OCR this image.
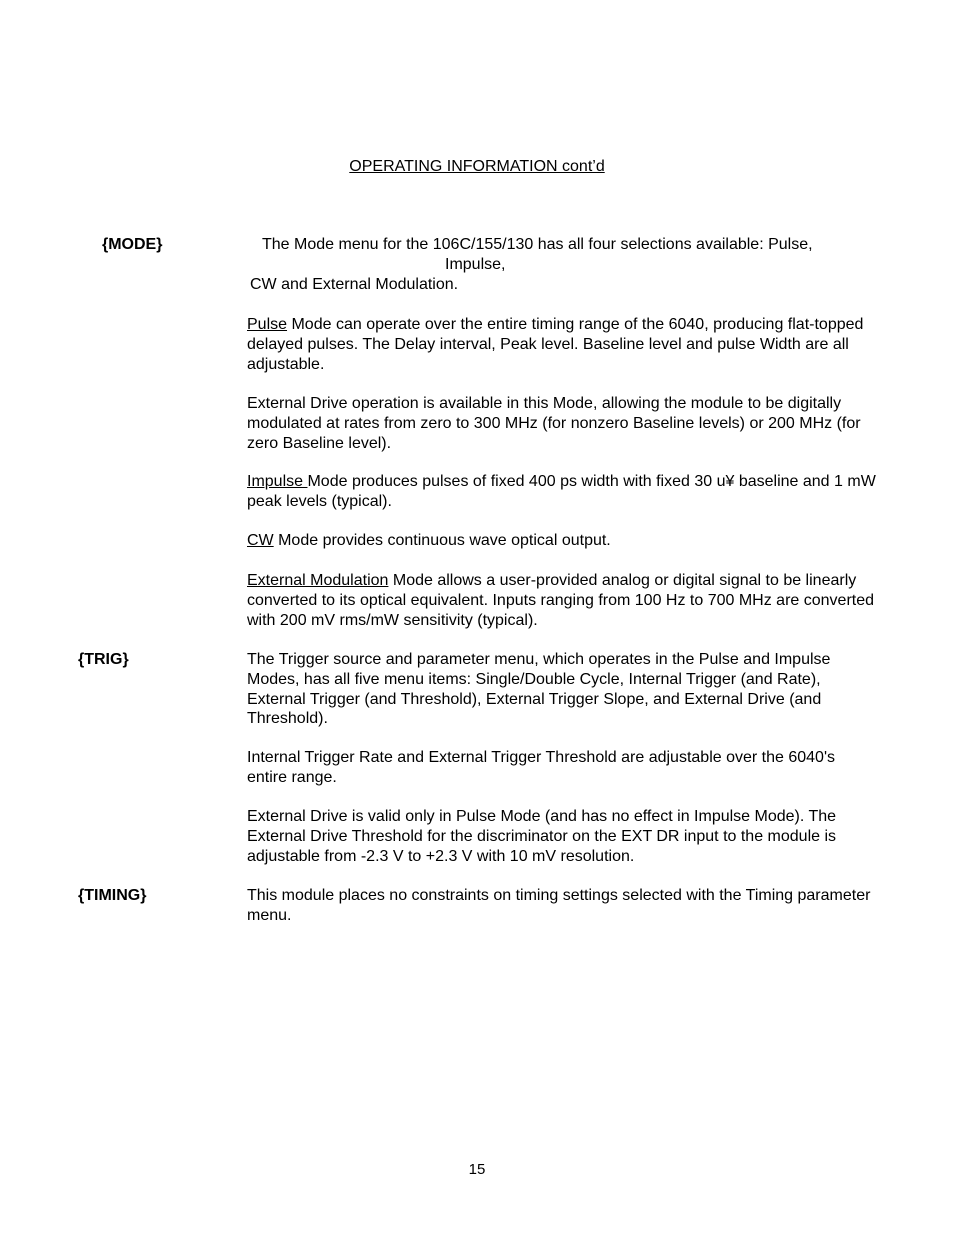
OPERATING INFORMATION cont’d
{MODE}	The Mode menu for the 106C/155/130 has all four selections available: Pulse,
Impulse,
CW and External Modulation.

Pulse Mode can operate over the entire timing range of the 6040, producing flat-topped delayed pulses. The Delay interval, Peak level. Baseline level and pulse Width are all adjustable.

External Drive operation is available in this Mode, allowing the module to be digitally modulated at rates from zero to 300 MHz (for nonzero Baseline levels) or 200 MHz (for zero Baseline level).

Impulse Mode produces pulses of fixed 400 ps width with fixed 30 u¥ baseline and 1 mW peak levels (typical).

CW Mode provides continuous wave optical output.

External Modulation Mode allows a user-provided analog or digital signal to be linearly converted to its optical equivalent. Inputs ranging from 100 Hz to 700 MHz are converted with 200 mV rms/mW sensitivity (typical).

{TRIG}	The Trigger source and parameter menu, which operates in the Pulse and Impulse Modes, has all five menu items: Single/Double Cycle, Internal Trigger (and Rate), External Trigger (and Threshold), External Trigger Slope, and External Drive (and Threshold).

Internal Trigger Rate and External Trigger Threshold are adjustable over the 6040's entire range.

External Drive is valid only in Pulse Mode (and has no effect in Impulse Mode). The External Drive Threshold for the discriminator on the EXT DR input to the module is adjustable from -2.3 V to +2.3 V with 10 mV resolution.

{TIMING}	This module places no constraints on timing settings selected with the Timing parameter menu.

15
